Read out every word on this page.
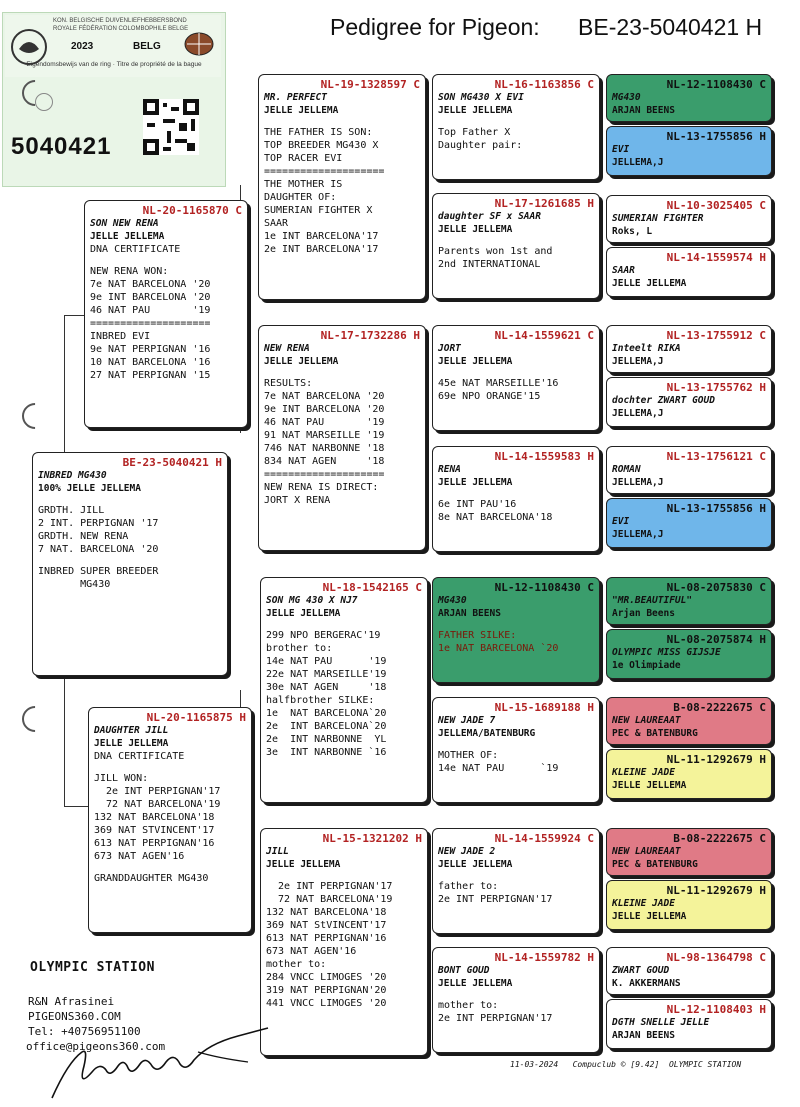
Pedigree for Pigeon:      BE-23-5040421 H
KON. BELGISCHE DUIVENLIEFHEBBERSBOND
ROYALE FÉDÉRATION COLOMBOPHILE BELGE
2023	BELG
Eigendomsbewijs van de ring · Titre de propriété de la bague
5040421
BE-23-5040421 H
INBRED MG430
100% JELLE JELLEMA
GRDTH. JILL
2 INT. PERPIGNAN '17
GRDTH. NEW RENA
7 NAT. BARCELONA '20
INBRED SUPER BREEDER
MG430
NL-20-1165870 C
SON NEW RENA
JELLE JELLEMA
DNA CERTIFICATE
NEW RENA WON:
7e NAT BARCELONA '20
9e INT BARCELONA '20
46 NAT PAU       '19
====================
INBRED EVI
9e NAT PERPIGNAN '16
10 NAT BARCELONA '16
27 NAT PERPIGNAN '15
NL-20-1165875 H
DAUGHTER JILL
JELLE JELLEMA
DNA CERTIFICATE
JILL WON:
2e INT PERPIGNAN'17
72 NAT BARCELONA'19
132 NAT BARCELONA'18
369 NAT STVINCENT'17
613 NAT PERPIGNAN'16
673 NAT AGEN'16
GRANDDAUGHTER MG430
NL-19-1328597 C
MR. PERFECT
JELLE JELLEMA
THE FATHER IS SON:
TOP BREEDER MG430 X
TOP RACER EVI
====================
THE MOTHER IS
DAUGHTER OF:
SUMERIAN FIGHTER X
SAAR
1e INT BARCELONA'17
2e INT BARCELONA'17
NL-17-1732286 H
NEW RENA
JELLE JELLEMA
RESULTS:
7e NAT BARCELONA '20
9e INT BARCELONA '20
46 NAT PAU       '19
91 NAT MARSEILLE '19
746 NAT NARBONNE '18
834 NAT AGEN     '18
====================
NEW RENA IS DIRECT:
JORT X RENA
NL-18-1542165 C
SON MG 430 X NJ7
JELLE JELLEMA
299 NPO BERGERAC'19
brother to:
14e NAT PAU      '19
22e NAT MARSEILLE'19
30e NAT AGEN     '18
halfbrother SILKE:
1e  NAT BARCELONA`20
2e  INT BARCELONA`20
2e  INT NARBONNE  YL
3e  INT NARBONNE `16
NL-15-1321202 H
JILL
JELLE JELLEMA
2e INT PERPIGNAN'17
72 NAT BARCELONA'19
132 NAT BARCELONA'18
369 NAT StVINCENT'17
613 NAT PERPIGNAN'16
673 NAT AGEN'16
mother to:
284 VNCC LIMOGES '20
319 NAT PERPIGNAN'20
441 VNCC LIMOGES '20
NL-16-1163856 C
SON MG430 X EVI
JELLE JELLEMA
Top Father X
Daughter pair:
NL-17-1261685 H
daughter SF x SAAR
JELLE JELLEMA
Parents won 1st and
2nd INTERNATIONAL
NL-14-1559621 C
JORT
JELLE JELLEMA
45e NAT MARSEILLE'16
69e NPO ORANGE'15
NL-14-1559583 H
RENA
JELLE JELLEMA
6e INT PAU'16
8e NAT BARCELONA'18
NL-12-1108430 C
MG430
ARJAN BEENS
FATHER SILKE:
1e NAT BARCELONA `20
NL-15-1689188 H
NEW JADE 7
JELLEMA/BATENBURG
MOTHER OF:
14e NAT PAU      `19
NL-14-1559924 C
NEW JADE 2
JELLE JELLEMA
father to:
2e INT PERPIGNAN'17
NL-14-1559782 H
BONT GOUD
JELLE JELLEMA
mother to:
2e INT PERPIGNAN'17
NL-12-1108430 C
MG430
ARJAN BEENS
NL-13-1755856 H
EVI
JELLEMA,J
NL-10-3025405 C
SUMERIAN FIGHTER
Roks, L
NL-14-1559574 H
SAAR
JELLE JELLEMA
NL-13-1755912 C
Inteelt RIKA
JELLEMA,J
NL-13-1755762 H
dochter ZWART GOUD
JELLEMA,J
NL-13-1756121 C
ROMAN
JELLEMA,J
NL-13-1755856 H
EVI
JELLEMA,J
NL-08-2075830 C
"MR.BEAUTIFUL"
Arjan Beens
NL-08-2075874 H
OLYMPIC MISS GIJSJE
1e Olimpiade
B-08-2222675 C
NEW LAUREAAT
PEC & BATENBURG
NL-11-1292679 H
KLEINE JADE
JELLE JELLEMA
B-08-2222675 C
NEW LAUREAAT
PEC & BATENBURG
NL-11-1292679 H
KLEINE JADE
JELLE JELLEMA
NL-98-1364798 C
ZWART GOUD
K. AKKERMANS
NL-12-1108403 H
DGTH SNELLE JELLE
ARJAN BEENS
OLYMPIC STATION
R&N Afrasinei
PIGEONS360.COM
Tel: +40756951100
office@pigeons360.com
11-03-2024   Compuclub © [9.42]  OLYMPIC STATION
